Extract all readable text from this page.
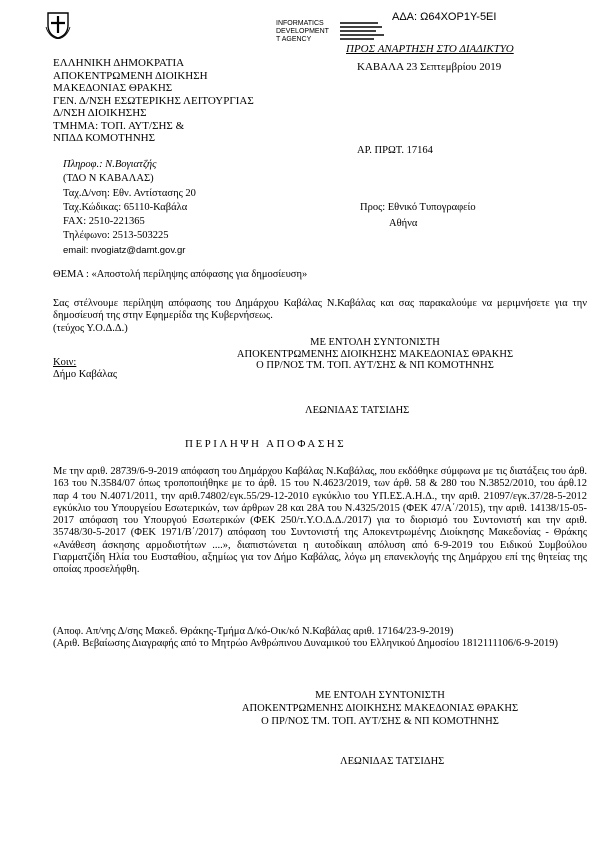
ΑΔΑ: Ω64ΧΟΡ1Υ-5ΕΙ
INFORMATICS
DEVELOPMENT
T AGENCY
ΠΡΟΣ ΑΝΑΡΤΗΣΗ ΣΤΟ ΔΙΑΔΙΚΤΥΟ
ΕΛΛΗΝΙΚΗ ΔΗΜΟΚΡΑΤΙΑ
ΑΠΟΚΕΝΤΡΩΜΕΝΗ ΔΙΟΙΚΗΣΗ
ΜΑΚΕΔΟΝΙΑΣ ΘΡΑΚΗΣ
ΓΕΝ. Δ/ΝΣΗ ΕΣΩΤΕΡΙΚΗΣ ΛΕΙΤΟΥΡΓΙΑΣ
Δ/ΝΣΗ ΔΙΟΙΚΗΣΗΣ
ΤΜΗΜΑ: ΤΟΠ. ΑΥΤ/ΣΗΣ &
ΝΠΔΔ ΚΟΜΟΤΗΝΗΣ
ΚΑΒΑΛΑ 23 Σεπτεμβρίου 2019
ΑΡ. ΠΡΩΤ. 17164
Πληροφ.: Ν.Βογιατζής
(ΤΔΟ Ν ΚΑΒΑΛΑΣ)
Ταχ.Δ/νση: Εθν. Αντίστασης 20
Ταχ.Κώδικας: 65110-Καβάλα
FAX: 2510-221365
Τηλέφωνο: 2513-503225
email: nvogiatz@damt.gov.gr
Προς: Εθνικό Τυπογραφείο
Αθήνα
ΘΕΜΑ : «Αποστολή περίληψης απόφασης για δημοσίευση»
Σας στέλνουμε περίληψη απόφασης του Δημάρχου Καβάλας Ν.Καβάλας και σας παρακαλούμε να μεριμνήσετε για την δημοσίευσή της στην Εφημερίδα της Κυβερνήσεως.
(τεύχος Υ.Ο.Δ.Δ.)
Κοιν:
Δήμο Καβάλας
ΜΕ ΕΝΤΟΛΗ ΣΥΝΤΟΝΙΣΤΗ
ΑΠΟΚΕΝΤΡΩΜΕΝΗΣ ΔΙΟΙΚΗΣΗΣ ΜΑΚΕΔΟΝΙΑΣ ΘΡΑΚΗΣ
Ο ΠΡ/ΝΟΣ ΤΜ. ΤΟΠ. ΑΥΤ/ΣΗΣ & ΝΠ ΚΟΜΟΤΗΝΗΣ
ΛΕΩΝΙΔΑΣ ΤΑΤΣΙΔΗΣ
ΠΕΡΙΛΗΨΗ ΑΠΟΦΑΣΗΣ
Με την αριθ. 28739/6-9-2019 απόφαση του Δημάρχου Καβάλας Ν.Καβάλας, που εκδόθηκε σύμφωνα με τις διατάξεις του άρθ. 163 του Ν.3584/07 όπως τροποποιήθηκε με το άρθ. 15 του Ν.4623/2019, των άρθ. 58 & 280 του Ν.3852/2010, του άρθ.12 παρ 4 του Ν.4071/2011, την αριθ.74802/εγκ.55/29-12-2010 εγκύκλιο του ΥΠ.ΕΣ.Α.Η.Δ., την αριθ. 21097/εγκ.37/28-5-2012 εγκύκλιο του Υπουργείου Εσωτερικών, των άρθρων 28 και 28Α του Ν.4325/2015 (ΦΕΚ 47/Α΄/2015), την αριθ. 14138/15-05-2017 απόφαση του Υπουργού Εσωτερικών (ΦΕΚ 250/τ.Υ.Ο.Δ.Δ./2017) για το διορισμό του Συντονιστή και την αριθ. 35748/30-5-2017 (ΦΕΚ 1971/Β΄/2017) απόφαση του Συντονιστή της Αποκεντρωμένης Διοίκησης Μακεδονίας - Θράκης «Ανάθεση άσκησης αρμοδιοτήτων ....», διαπιστώνεται η αυτοδίκαιη απόλυση από 6-9-2019 του Ειδικού Συμβούλου Γιαρματζίδη Ηλία του Ευσταθίου, αξημίως για τον Δήμο Καβάλας, λόγω μη επανεκλογής της Δημάρχου επί της θητείας της οποίας προσελήφθη.
(Αποφ. Απ/νης Δ/σης Μακεδ. Θράκης-Τμήμα Δ/κό-Οικ/κό Ν.Καβάλας αριθ. 17164/23-9-2019)
(Αριθ. Βεβαίωσης Διαγραφής από το Μητρώο Ανθρώπινου Δυναμικού του Ελληνικού Δημοσίου 1812111106/6-9-2019)
ΜΕ ΕΝΤΟΛΗ ΣΥΝΤΟΝΙΣΤΗ
ΑΠΟΚΕΝΤΡΩΜΕΝΗΣ ΔΙΟΙΚΗΣΗΣ ΜΑΚΕΔΟΝΙΑΣ ΘΡΑΚΗΣ
Ο ΠΡ/ΝΟΣ ΤΜ. ΤΟΠ. ΑΥΤ/ΣΗΣ & ΝΠ ΚΟΜΟΤΗΝΗΣ
ΛΕΩΝΙΔΑΣ ΤΑΤΣΙΔΗΣ
